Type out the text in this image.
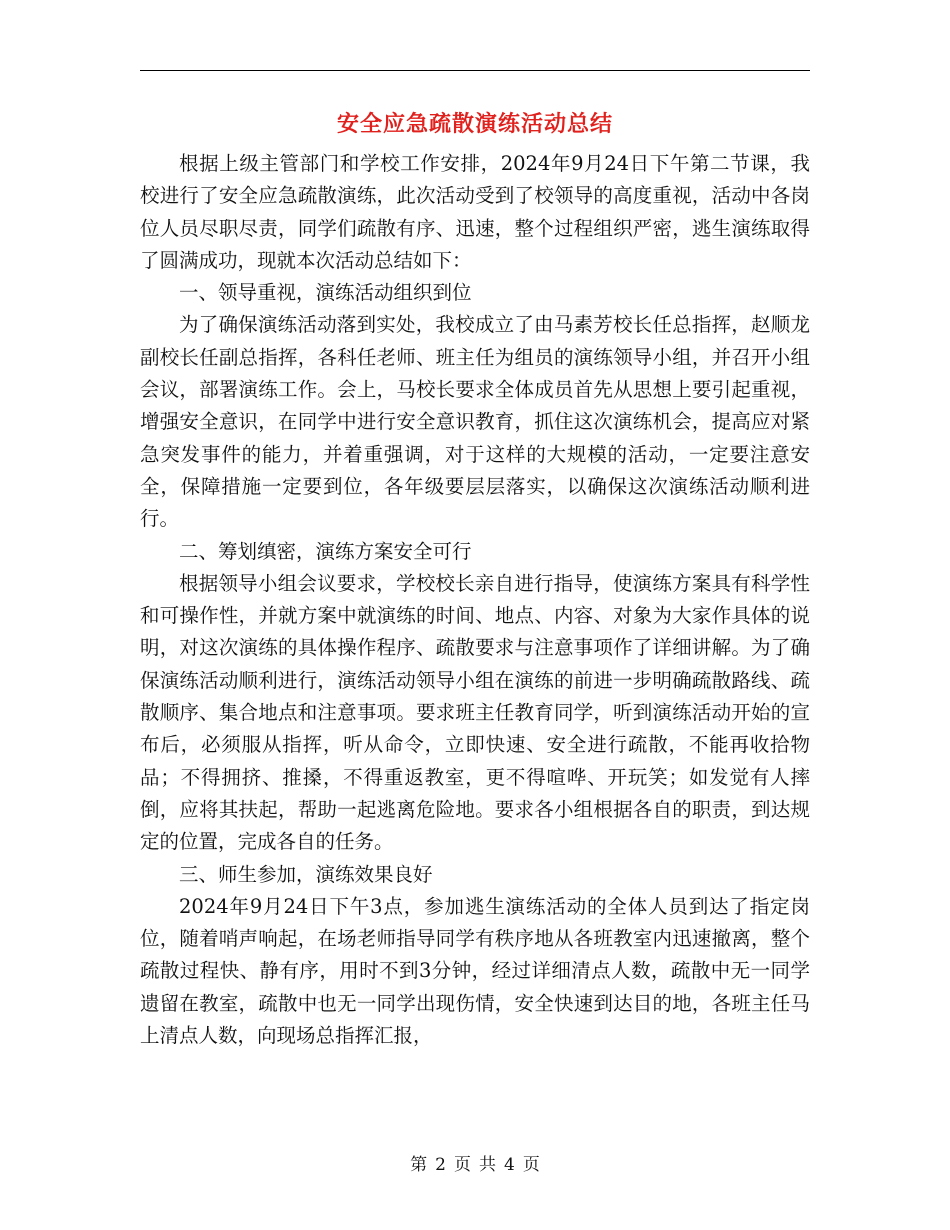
安全应急疏散演练活动总结

根据上级主管部门和学校工作安排，2024年9月24日下午第二节课，我校进行了安全应急疏散演练，此次活动受到了校领导的高度重视，活动中各岗位人员尽职尽责，同学们疏散有序、迅速，整个过程组织严密，逃生演练取得了圆满成功，现就本次活动总结如下：

一、领导重视，演练活动组织到位

为了确保演练活动落到实处，我校成立了由马素芳校长任总指挥，赵顺龙副校长任副总指挥，各科任老师、班主任为组员的演练领导小组，并召开小组会议，部署演练工作。会上，马校长要求全体成员首先从思想上要引起重视，增强安全意识，在同学中进行安全意识教育，抓住这次演练机会，提高应对紧急突发事件的能力，并着重强调，对于这样的大规模的活动，一定要注意安全，保障措施一定要到位，各年级要层层落实，以确保这次演练活动顺利进行。

二、筹划缜密，演练方案安全可行

根据领导小组会议要求，学校校长亲自进行指导，使演练方案具有科学性和可操作性，并就方案中就演练的时间、地点、内容、对象为大家作具体的说明，对这次演练的具体操作程序、疏散要求与注意事项作了详细讲解。为了确保演练活动顺利进行，演练活动领导小组在演练的前进一步明确疏散路线、疏散顺序、集合地点和注意事项。要求班主任教育同学，听到演练活动开始的宣布后，必须服从指挥，听从命令，立即快速、安全进行疏散，不能再收拾物品；不得拥挤、推搡，不得重返教室，更不得喧哗、开玩笑；如发觉有人摔倒，应将其扶起，帮助一起逃离危险地。要求各小组根据各自的职责，到达规定的位置，完成各自的任务。

三、师生参加，演练效果良好

2024年9月24日下午3点，参加逃生演练活动的全体人员到达了指定岗位，随着哨声响起，在场老师指导同学有秩序地从各班教室内迅速撤离，整个疏散过程快、静有序，用时不到3分钟，经过详细清点人数，疏散中无一同学遗留在教室，疏散中也无一同学出现伤情，安全快速到达目的地，各班主任马上清点人数，向现场总指挥汇报，

第 2 页 共 4 页
